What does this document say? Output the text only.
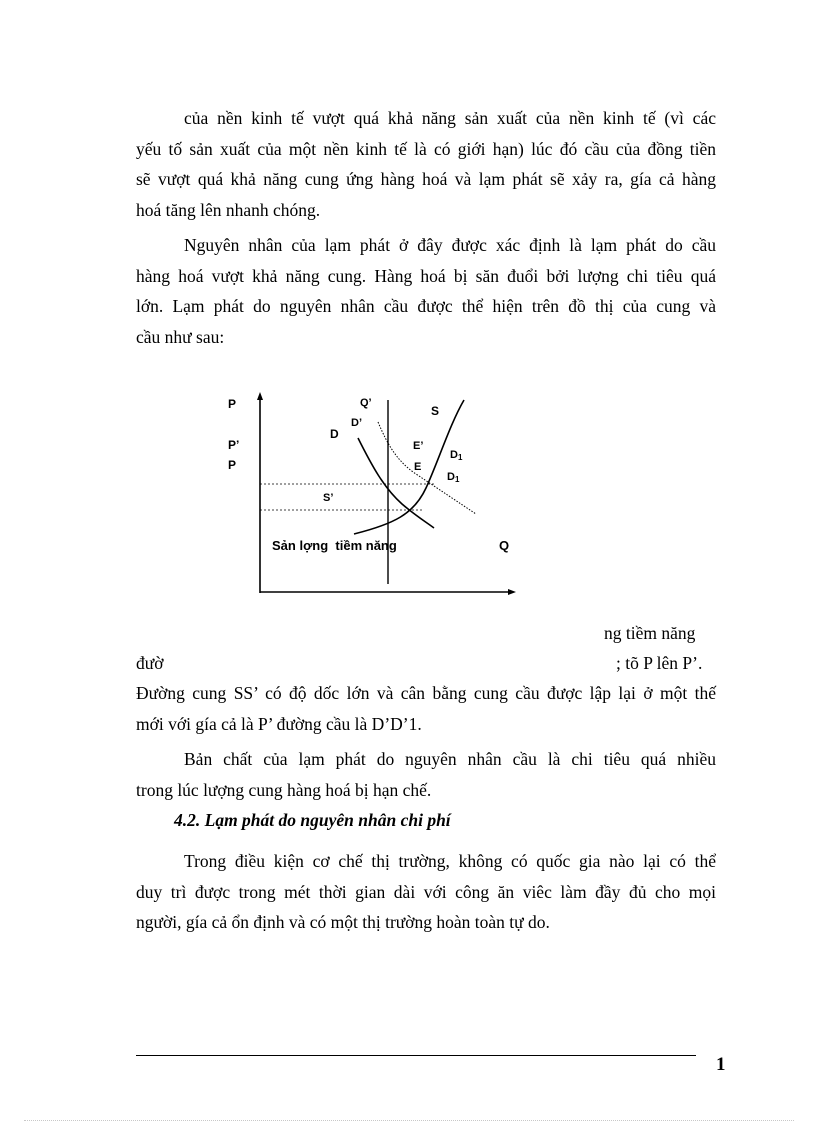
của nền kinh tế vượt quá khả năng sản xuất của nền kinh tế (vì các
yếu tố sản xuất của một nền kinh tế là có giới hạn) lúc đó cầu của đồng tiền
sẽ vượt quá khả năng cung ứng hàng hoá và lạm phát sẽ xảy ra, gía cả hàng
hoá tăng lên nhanh chóng.
Nguyên nhân của lạm phát ở đây được xác định là lạm phát do cầu
hàng hoá vượt khả năng cung. Hàng hoá bị săn đuổi bởi lượng chi tiêu quá
lớn. Lạm phát do nguyên nhân cầu được thể hiện trên đồ thị của cung và
cầu như sau:
P
P’
P
Q’
D’
D
S
E’
E
D1
D1
S’
Sản lợng  tiềm năng	Q
ng tiềm năng
đườ	; tõ P lên P’.
Đường cung SS’ có độ dốc lớn và cân bằng cung cầu được lập lại ở một thế
mới với gía cả là P’ đường cầu là D’D’1.
Bản chất của lạm phát do nguyên nhân cầu là chi tiêu quá nhiều
trong lúc lượng cung hàng hoá bị hạn chế.
4.2. Lạm phát do nguyên nhân chi phí
Trong điều kiện cơ chế thị trường, không có quốc gia nào lại có thể
duy trì được trong mét thời gian dài với công ăn viêc làm đầy đủ cho mọi
người, gía cả ổn định và có một thị trường hoàn toàn tự do.
1
